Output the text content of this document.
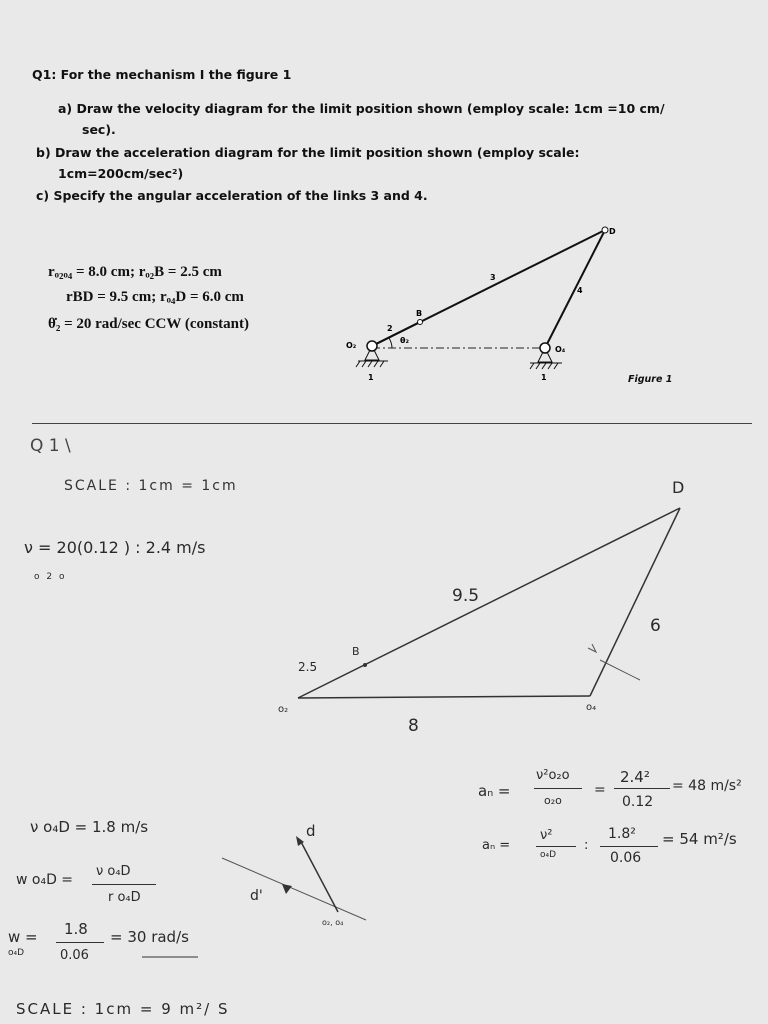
Q1: For the mechanism I the figure 1
a) Draw the velocity diagram for the limit position shown (employ scale: 1cm =10 cm/
sec).
b) Draw the acceleration diagram for the limit position shown (employ scale:
1cm=200cm/sec²)
c) Specify the angular acceleration of the links 3 and 4.
rₒ₂ₒ₄ = 8.0 cm; rₒ₂B = 2.5 cm
rBD = 9.5 cm; rₒ₄D = 6.0 cm
θ̇₂ = 20 rad/sec CCW (constant)
D
B
O₂	O₄
2
3
4
1	1
θ₂
Figure 1
Q 1 \
SCALE : 1cm = 1cm
ν = 20(0.12 ) : 2.4 m/s
o 2 o
D
B
o₂	o₄
2.5
9.5
8
6
aₙ =
ν²o₂o
o₂o
=
2.4²
0.12
= 48 m/s²
aₙ =
ν²
o₄D
:
1.8²
0.06
= 54 m²/s
ν o₄D = 1.8 m/s
w o₄D =
ν o₄D
r o₄D
w =
o₄D
1.8
0.06
= 30 rad/s
d
d'
o₂, o₄
SCALE : 1cm = 9 m²/ S
